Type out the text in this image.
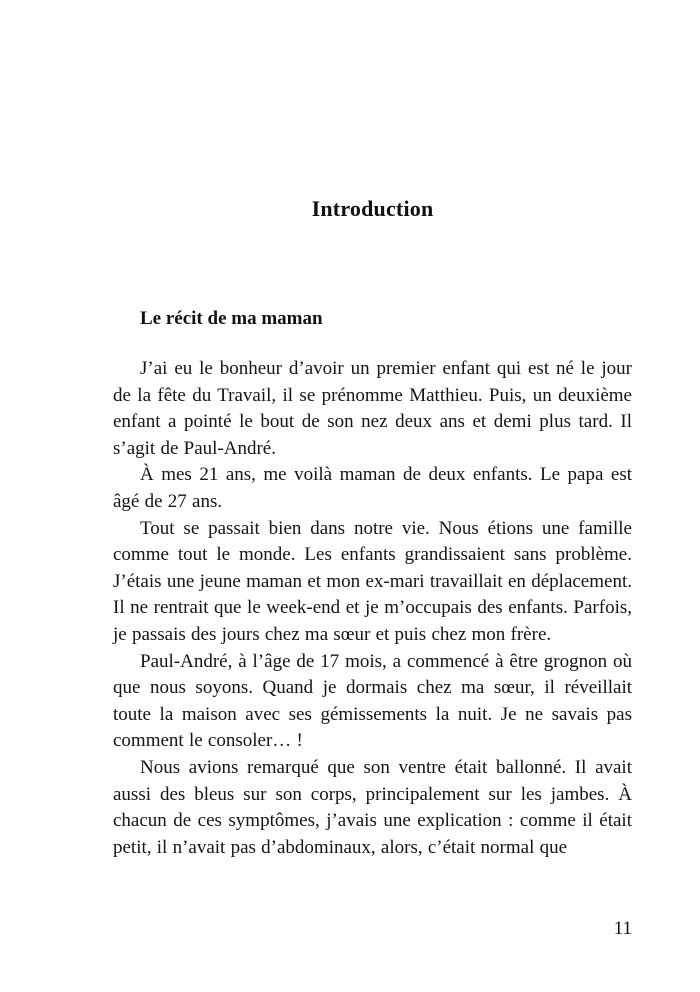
Introduction
Le récit de ma maman

J’ai eu le bonheur d’avoir un premier enfant qui est né le jour de la fête du Travail, il se prénomme Matthieu. Puis, un deuxième enfant a pointé le bout de son nez deux ans et demi plus tard. Il s’agit de Paul-André.

À mes 21 ans, me voilà maman de deux enfants. Le papa est âgé de 27 ans.

Tout se passait bien dans notre vie. Nous étions une famille comme tout le monde. Les enfants grandissaient sans problème. J’étais une jeune maman et mon ex-mari travaillait en déplacement. Il ne rentrait que le week-end et je m’occupais des enfants. Parfois, je passais des jours chez ma sœur et puis chez mon frère.

Paul-André, à l’âge de 17 mois, a commencé à être grognon où que nous soyons. Quand je dormais chez ma sœur, il réveillait toute la maison avec ses gémissements la nuit. Je ne savais pas comment le consoler… !

Nous avions remarqué que son ventre était ballonné. Il avait aussi des bleus sur son corps, principalement sur les jambes. À chacun de ces symptômes, j’avais une explication : comme il était petit, il n’avait pas d’abdominaux, alors, c’était normal que

11
